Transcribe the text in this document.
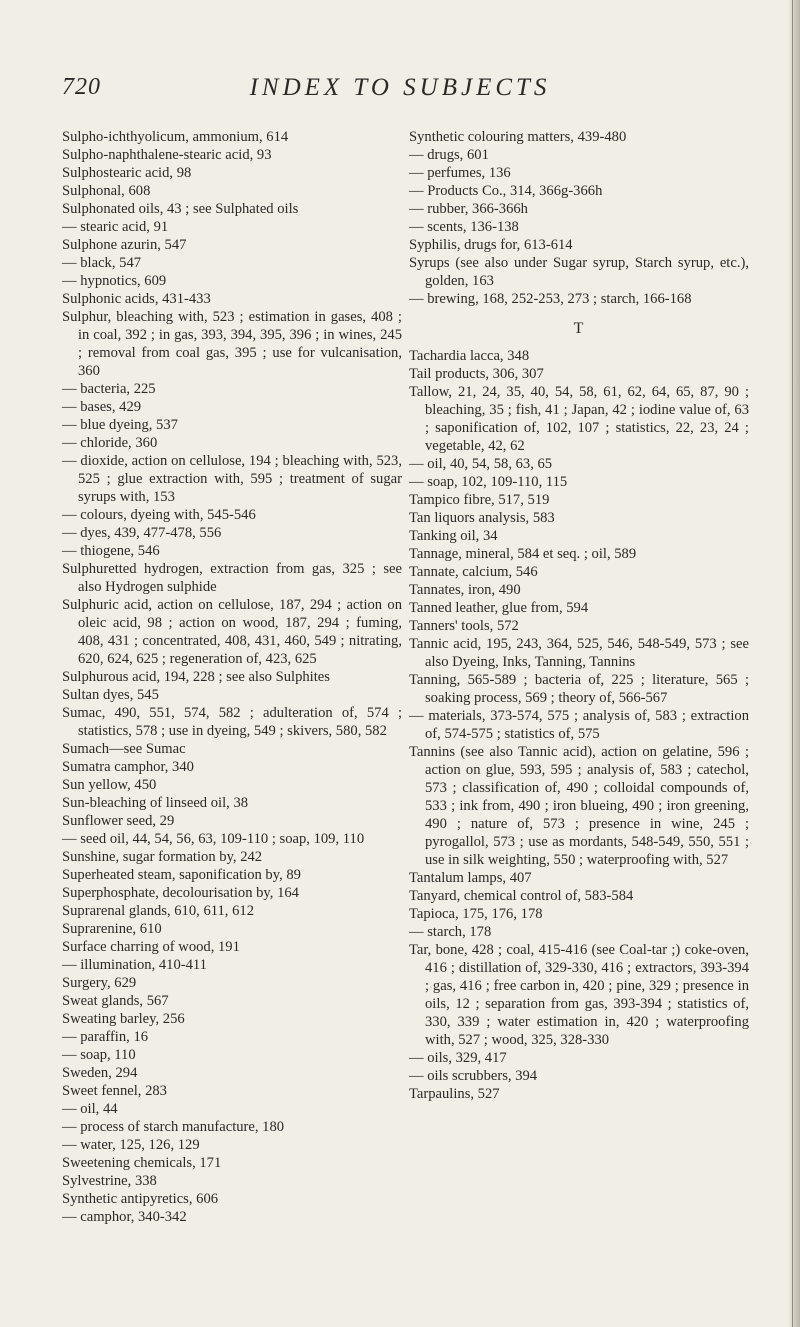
720	INDEX TO SUBJECTS
Sulpho-ichthyolicum, ammonium, 614
Sulpho-naphthalene-stearic acid, 93
Sulphostearic acid, 98
Sulphonal, 608
Sulphonated oils, 43 ; see Sulphated oils
— stearic acid, 91
Sulphone azurin, 547
— black, 547
— hypnotics, 609
Sulphonic acids, 431-433
Sulphur, bleaching with, 523 ; estimation in gases, 408 ; in coal, 392 ; in gas, 393, 394, 395, 396 ; in wines, 245 ; removal from coal gas, 395 ; use for vulcanisation, 360
— bacteria, 225
— bases, 429
— blue dyeing, 537
— chloride, 360
— dioxide, action on cellulose, 194 ; bleaching with, 523, 525 ; glue extraction with, 595 ; treatment of sugar syrups with, 153
— colours, dyeing with, 545-546
— dyes, 439, 477-478, 556
— thiogene, 546
Sulphuretted hydrogen, extraction from gas, 325 ; see also Hydrogen sulphide
Sulphuric acid, action on cellulose, 187, 294 ; action on oleic acid, 98 ; action on wood, 187, 294 ; fuming, 408, 431 ; concentrated, 408, 431, 460, 549 ; nitrating, 620, 624, 625 ; regeneration of, 423, 625
Sulphurous acid, 194, 228 ; see also Sulphites
Sultan dyes, 545
Sumac, 490, 551, 574, 582 ; adulteration of, 574 ; statistics, 578 ; use in dyeing, 549 ; skivers, 580, 582
Sumach—see Sumac
Sumatra camphor, 340
Sun yellow, 450
Sun-bleaching of linseed oil, 38
Sunflower seed, 29
— seed oil, 44, 54, 56, 63, 109-110 ; soap, 109, 110
Sunshine, sugar formation by, 242
Superheated steam, saponification by, 89
Superphosphate, decolourisation by, 164
Suprarenal glands, 610, 611, 612
Suprarenine, 610
Surface charring of wood, 191
— illumination, 410-411
Surgery, 629
Sweat glands, 567
Sweating barley, 256
— paraffin, 16
— soap, 110
Sweden, 294
Sweet fennel, 283
— oil, 44
— process of starch manufacture, 180
— water, 125, 126, 129
Sweetening chemicals, 171
Sylvestrine, 338
Synthetic antipyretics, 606
— camphor, 340-342
Synthetic colouring matters, 439-480
— drugs, 601
— perfumes, 136
— Products Co., 314, 366g-366h
— rubber, 366-366h
— scents, 136-138
Syphilis, drugs for, 613-614
Syrups (see also under Sugar syrup, Starch syrup, etc.), golden, 163
— brewing, 168, 252-253, 273 ; starch, 166-168
T
Tachardia lacca, 348
Tail products, 306, 307
Tallow, 21, 24, 35, 40, 54, 58, 61, 62, 64, 65, 87, 90 ; bleaching, 35 ; fish, 41 ; Japan, 42 ; iodine value of, 63 ; saponification of, 102, 107 ; statistics, 22, 23, 24 ; vegetable, 42, 62
— oil, 40, 54, 58, 63, 65
— soap, 102, 109-110, 115
Tampico fibre, 517, 519
Tan liquors analysis, 583
Tanking oil, 34
Tannage, mineral, 584 et seq. ; oil, 589
Tannate, calcium, 546
Tannates, iron, 490
Tanned leather, glue from, 594
Tanners' tools, 572
Tannic acid, 195, 243, 364, 525, 546, 548-549, 573 ; see also Dyeing, Inks, Tanning, Tannins
Tanning, 565-589 ; bacteria of, 225 ; literature, 565 ; soaking process, 569 ; theory of, 566-567
— materials, 373-574, 575 ; analysis of, 583 ; extraction of, 574-575 ; statistics of, 575
Tannins (see also Tannic acid), action on gelatine, 596 ; action on glue, 593, 595 ; analysis of, 583 ; catechol, 573 ; classification of, 490 ; colloidal compounds of, 533 ; ink from, 490 ; iron blueing, 490 ; iron greening, 490 ; nature of, 573 ; presence in wine, 245 ; pyrogallol, 573 ; use as mordants, 548-549, 550, 551 ; use in silk weighting, 550 ; waterproofing with, 527
Tantalum lamps, 407
Tanyard, chemical control of, 583-584
Tapioca, 175, 176, 178
— starch, 178
Tar, bone, 428 ; coal, 415-416 (see Coal-tar ;) coke-oven, 416 ; distillation of, 329-330, 416 ; extractors, 393-394 ; gas, 416 ; free carbon in, 420 ; pine, 329 ; presence in oils, 12 ; separation from gas, 393-394 ; statistics of, 330, 339 ; water estimation in, 420 ; waterproofing with, 527 ; wood, 325, 328-330
— oils, 329, 417
— oils scrubbers, 394
Tarpaulins, 527
